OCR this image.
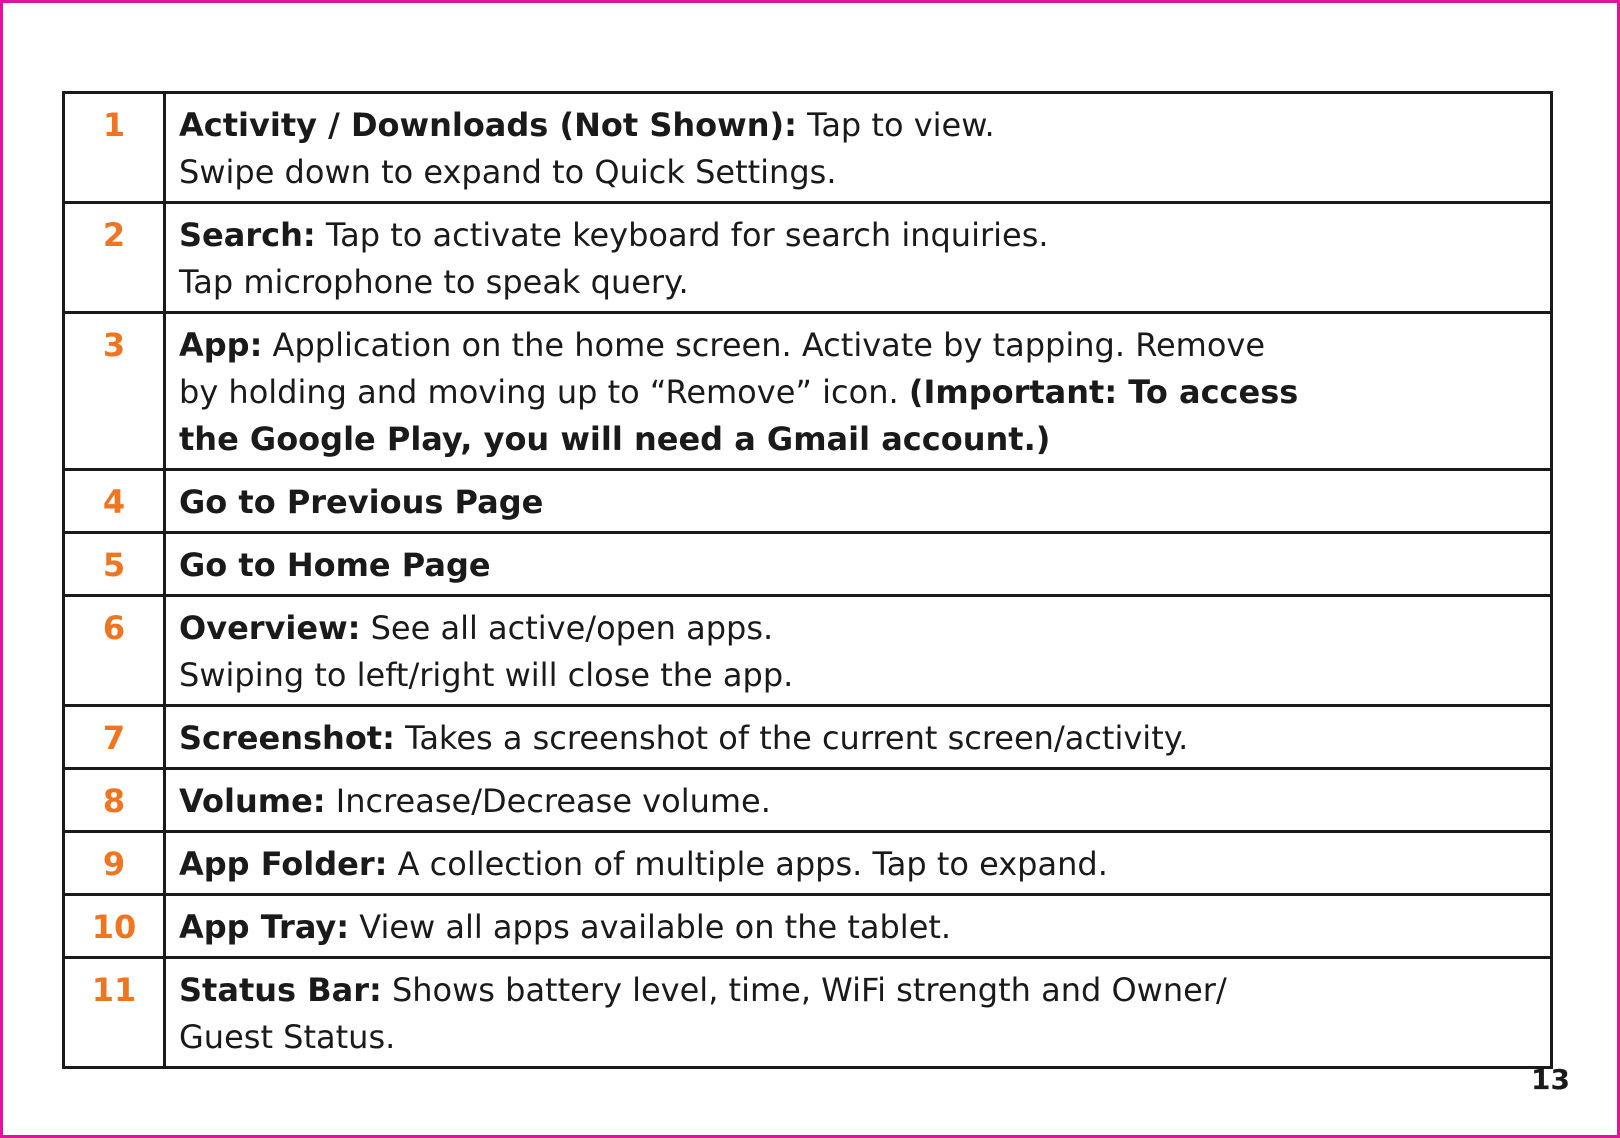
1	Activity / Downloads (Not Shown): Tap to view.
Swipe down to expand to Quick Settings.
2	Search: Tap to activate keyboard for search inquiries.
Tap microphone to speak query.
3	App: Application on the home screen. Activate by tapping. Remove
by holding and moving up to “Remove” icon. (Important: To access
the Google Play, you will need a Gmail account.)
4	Go to Previous Page
5	Go to Home Page
6	Overview: See all active/open apps.
Swiping to left/right will close the app.
7	Screenshot: Takes a screenshot of the current screen/activity.
8	Volume: Increase/Decrease volume.
9	App Folder: A collection of multiple apps. Tap to expand.
10	App Tray: View all apps available on the tablet.
11	Status Bar: Shows battery level, time, WiFi strength and Owner/
Guest Status.
13
